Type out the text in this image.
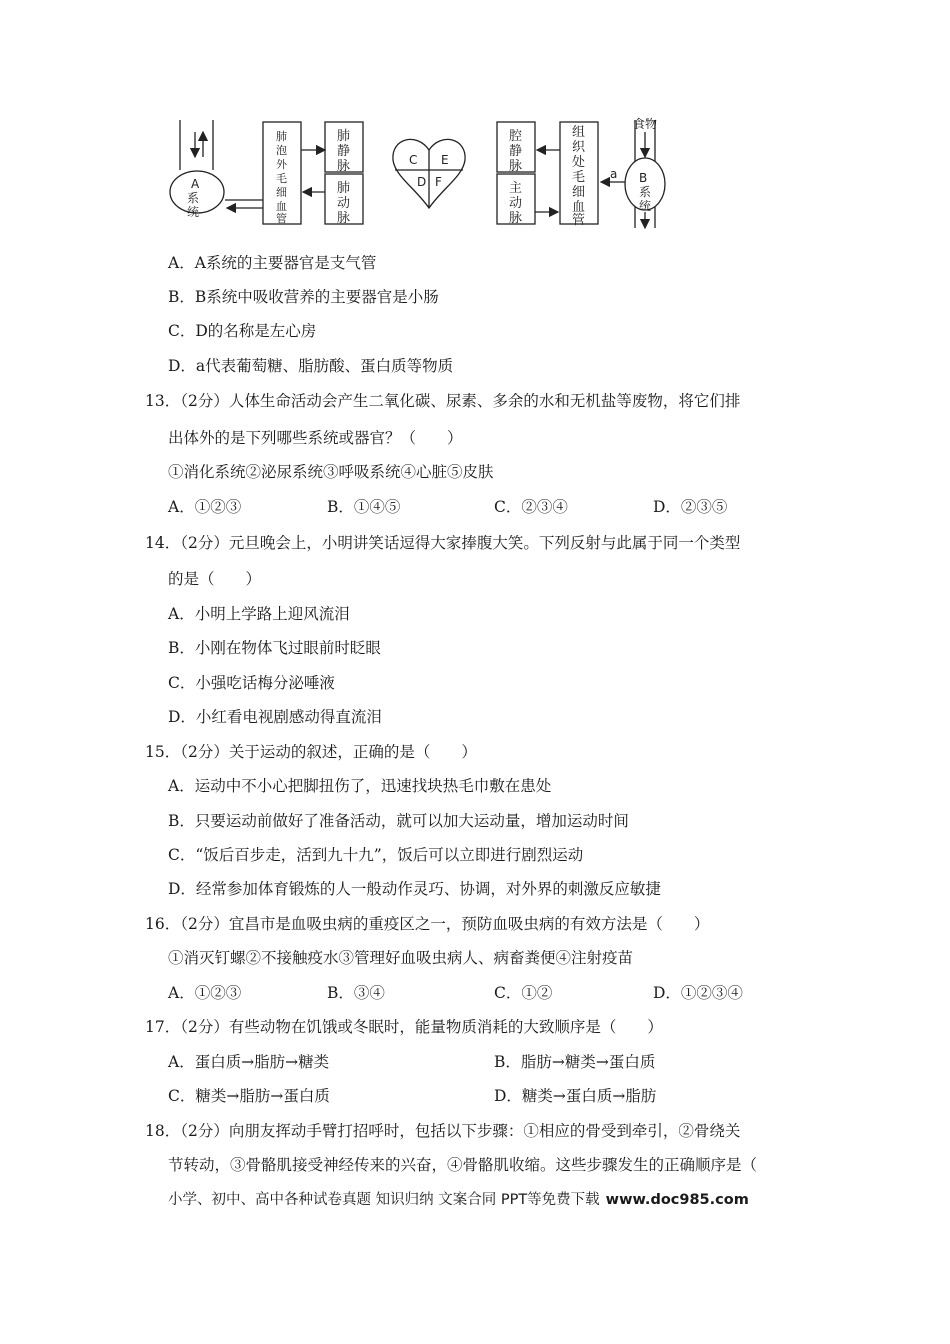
A
系
统
肺
泡
外
毛
细
血
管
肺
静
脉
肺
动
脉
C E
D F
腔
静
脉
主
动
脉
组
织
处
毛
细
血
管
a
食物
B
系
统
A．A系统的主要器官是支气管
B．B系统中吸收营养的主要器官是小肠
C．D的名称是左心房
D．a代表葡萄糖、脂肪酸、蛋白质等物质
13．（2分）人体生命活动会产生二氧化碳、尿素、多余的水和无机盐等废物，将它们排
出体外的是下列哪些系统或器官？（　　）
①消化系统②泌尿系统③呼吸系统④心脏⑤皮肤
A．①②③	B．①④⑤	C．②③④	D．②③⑤
14．（2分）元旦晚会上，小明讲笑话逗得大家捧腹大笑。下列反射与此属于同一个类型
的是（　　）
A．小明上学路上迎风流泪
B．小刚在物体飞过眼前时眨眼
C．小强吃话梅分泌唾液
D．小红看电视剧感动得直流泪
15．（2分）关于运动的叙述，正确的是（　　）
A．运动中不小心把脚扭伤了，迅速找块热毛巾敷在患处
B．只要运动前做好了准备活动，就可以加大运动量，增加运动时间
C．“饭后百步走，活到九十九”，饭后可以立即进行剧烈运动
D．经常参加体育锻炼的人一般动作灵巧、协调，对外界的刺激反应敏捷
16．（2分）宜昌市是血吸虫病的重疫区之一，预防血吸虫病的有效方法是（　　）
①消灭钉螺②不接触疫水③管理好血吸虫病人、病畜粪便④注射疫苗
A．①②③	B．③④	C．①②	D．①②③④
17．（2分）有些动物在饥饿或冬眠时，能量物质消耗的大致顺序是（　　）
A．蛋白质→脂肪→糖类	B．脂肪→糖类→蛋白质
C．糖类→脂肪→蛋白质	D．糖类→蛋白质→脂肪
18．（2分）向朋友挥动手臂打招呼时，包括以下步骤：①相应的骨受到牵引，②骨绕关
节转动，③骨骼肌接受神经传来的兴奋，④骨骼肌收缩。这些步骤发生的正确顺序是（
小学、初中、高中各种试卷真题 知识归纳 文案合同 PPT等免费下载 www.doc985.com
